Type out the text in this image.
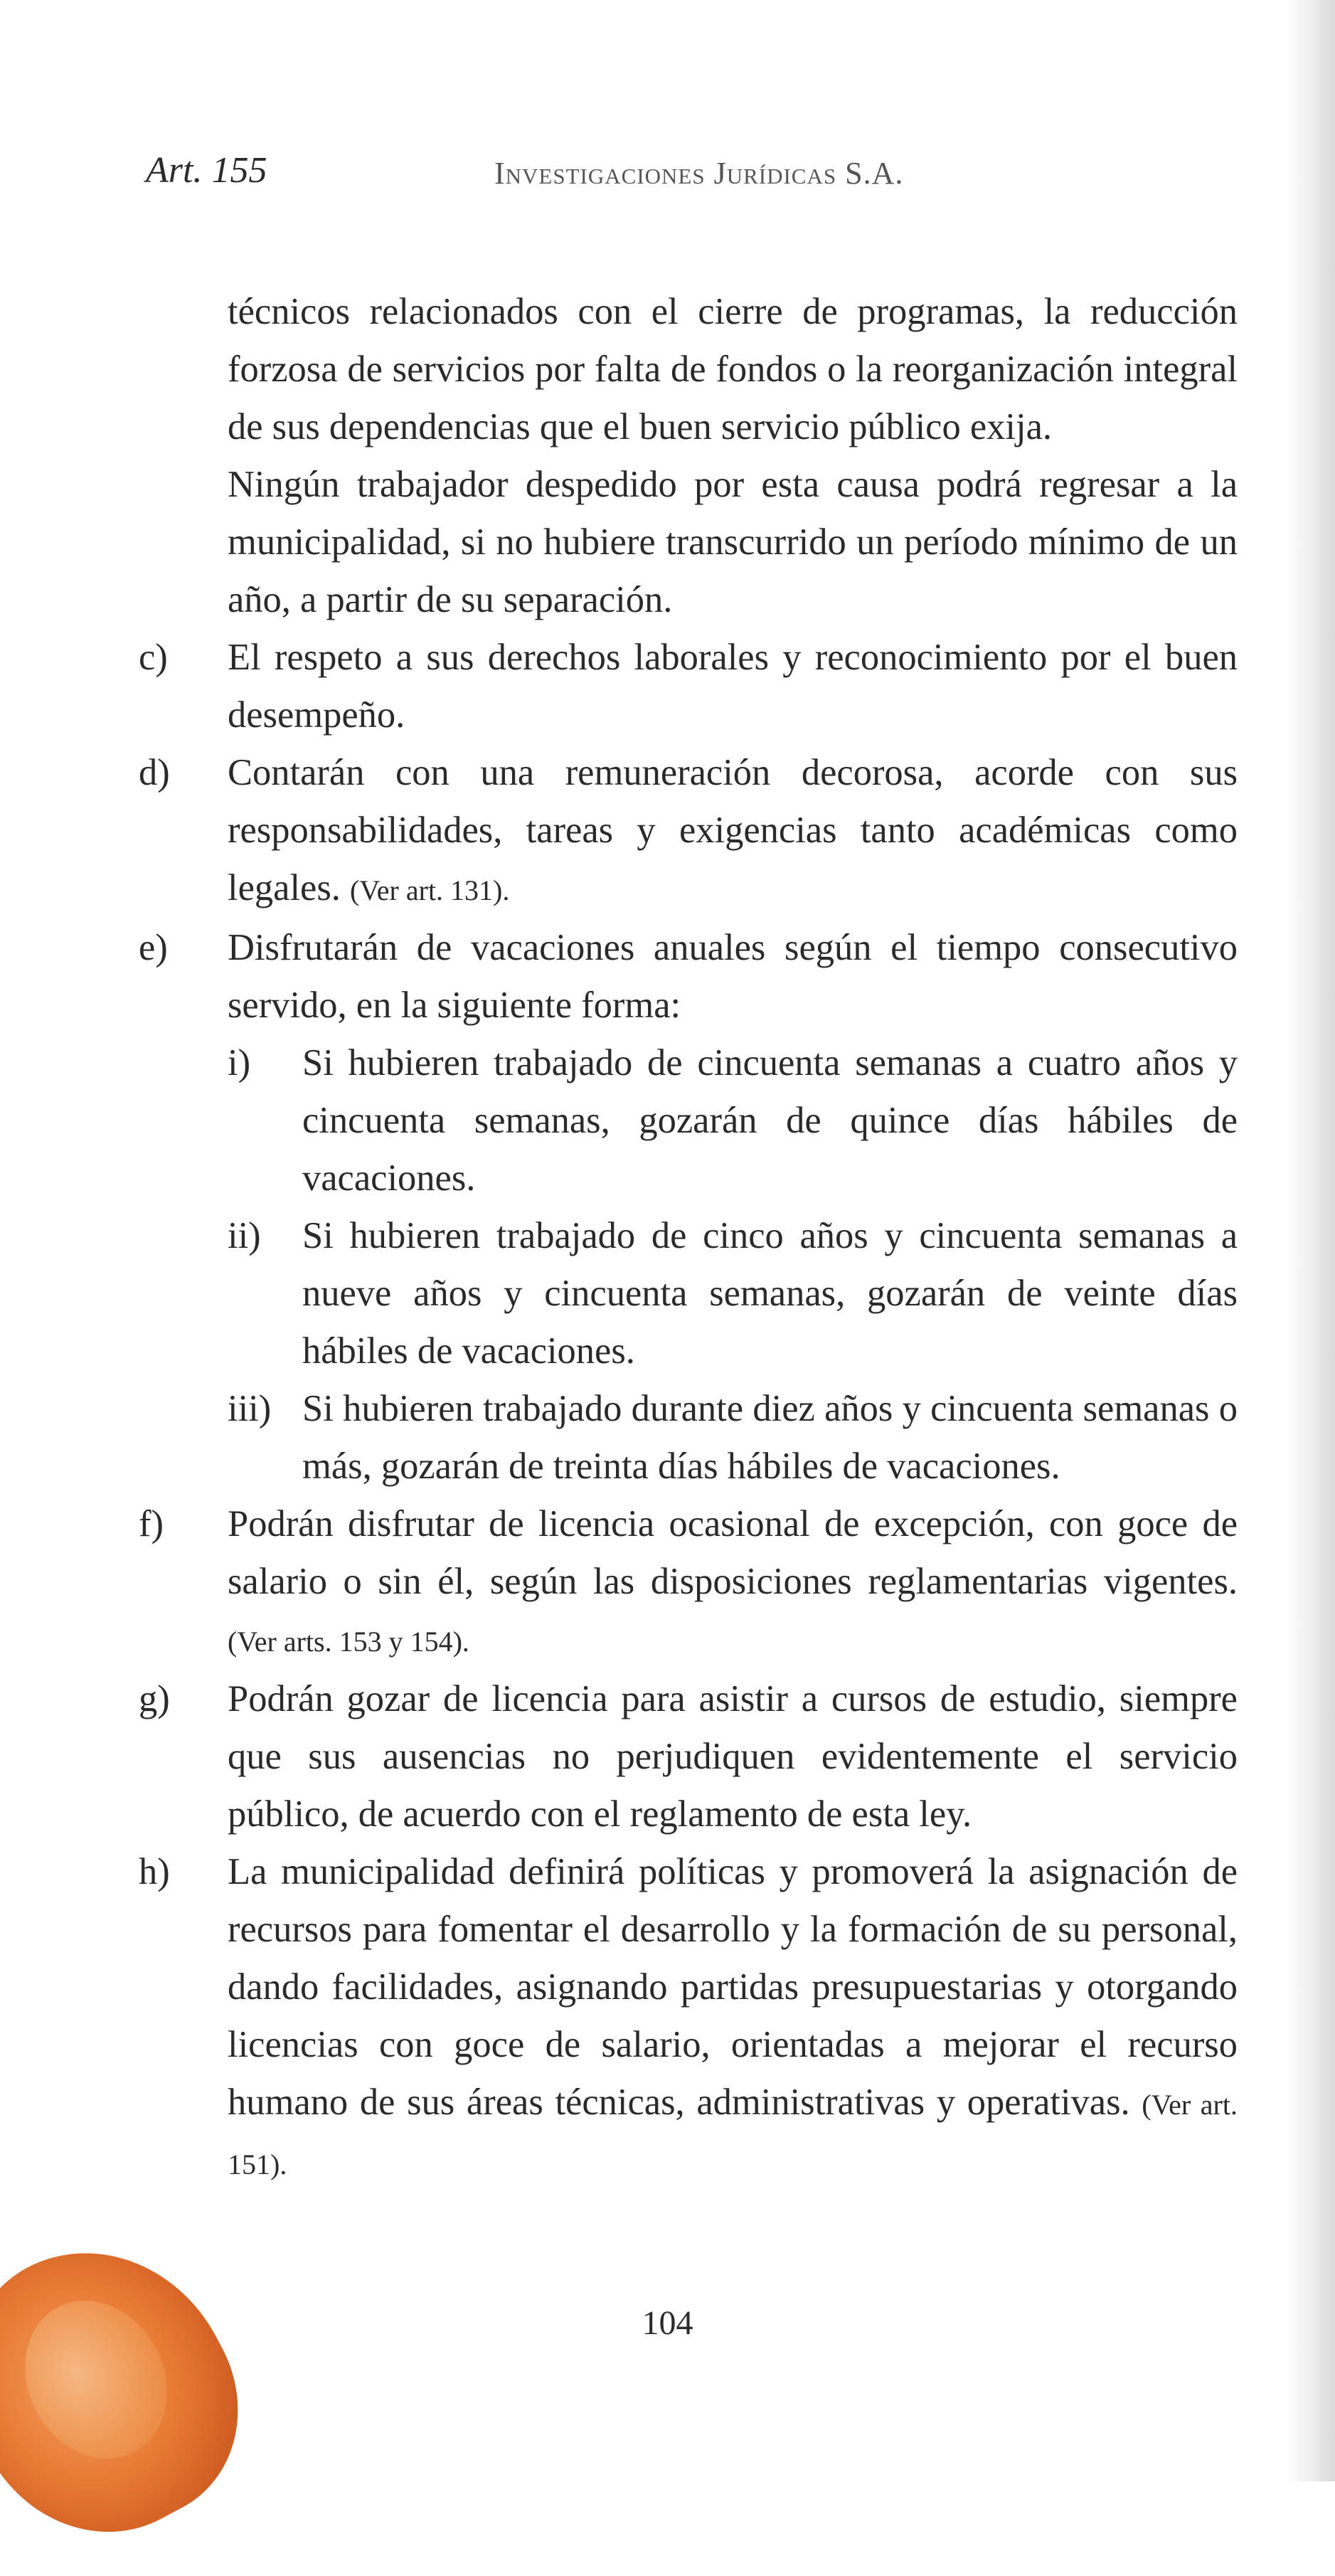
Art. 155	Investigaciones Jurídicas S.A.
técnicos relacionados con el cierre de programas, la reducción forzosa de servicios por falta de fondos o la reorganización integral de sus dependencias que el buen servicio público exija.
Ningún trabajador despedido por esta causa podrá regresar a la municipalidad, si no hubiere transcurrido un período mínimo de un año, a partir de su separación.
c)	El respeto a sus derechos laborales y reconocimiento por el buen desempeño.
d)	Contarán con una remuneración decorosa, acorde con sus responsabilidades, tareas y exigencias tanto académicas como legales. (Ver art. 131).
e)	Disfrutarán de vacaciones anuales según el tiempo consecutivo servido, en la siguiente forma:
i)	Si hubieren trabajado de cincuenta semanas a cuatro años y cincuenta semanas, gozarán de quince días hábiles de vacaciones.
ii)	Si hubieren trabajado de cinco años y cincuenta semanas a nueve años y cincuenta semanas, gozarán de veinte días hábiles de vacaciones.
iii) Si hubieren trabajado durante diez años y cincuenta semanas o más, gozarán de treinta días hábiles de vacaciones.
f)	Podrán disfrutar de licencia ocasional de excepción, con goce de salario o sin él, según las disposiciones reglamentarias vigentes. (Ver arts. 153 y 154).
g)	Podrán gozar de licencia para asistir a cursos de estudio, siempre que sus ausencias no perjudiquen evidentemente el servicio público, de acuerdo con el reglamento de esta ley.
h)	La municipalidad definirá políticas y promoverá la asignación de recursos para fomentar el desarrollo y la formación de su personal, dando facilidades, asignando partidas presupuestarias y otorgando licencias con goce de salario, orientadas a mejorar el recurso humano de sus áreas técnicas, administrativas y operativas. (Ver art. 151).
104
